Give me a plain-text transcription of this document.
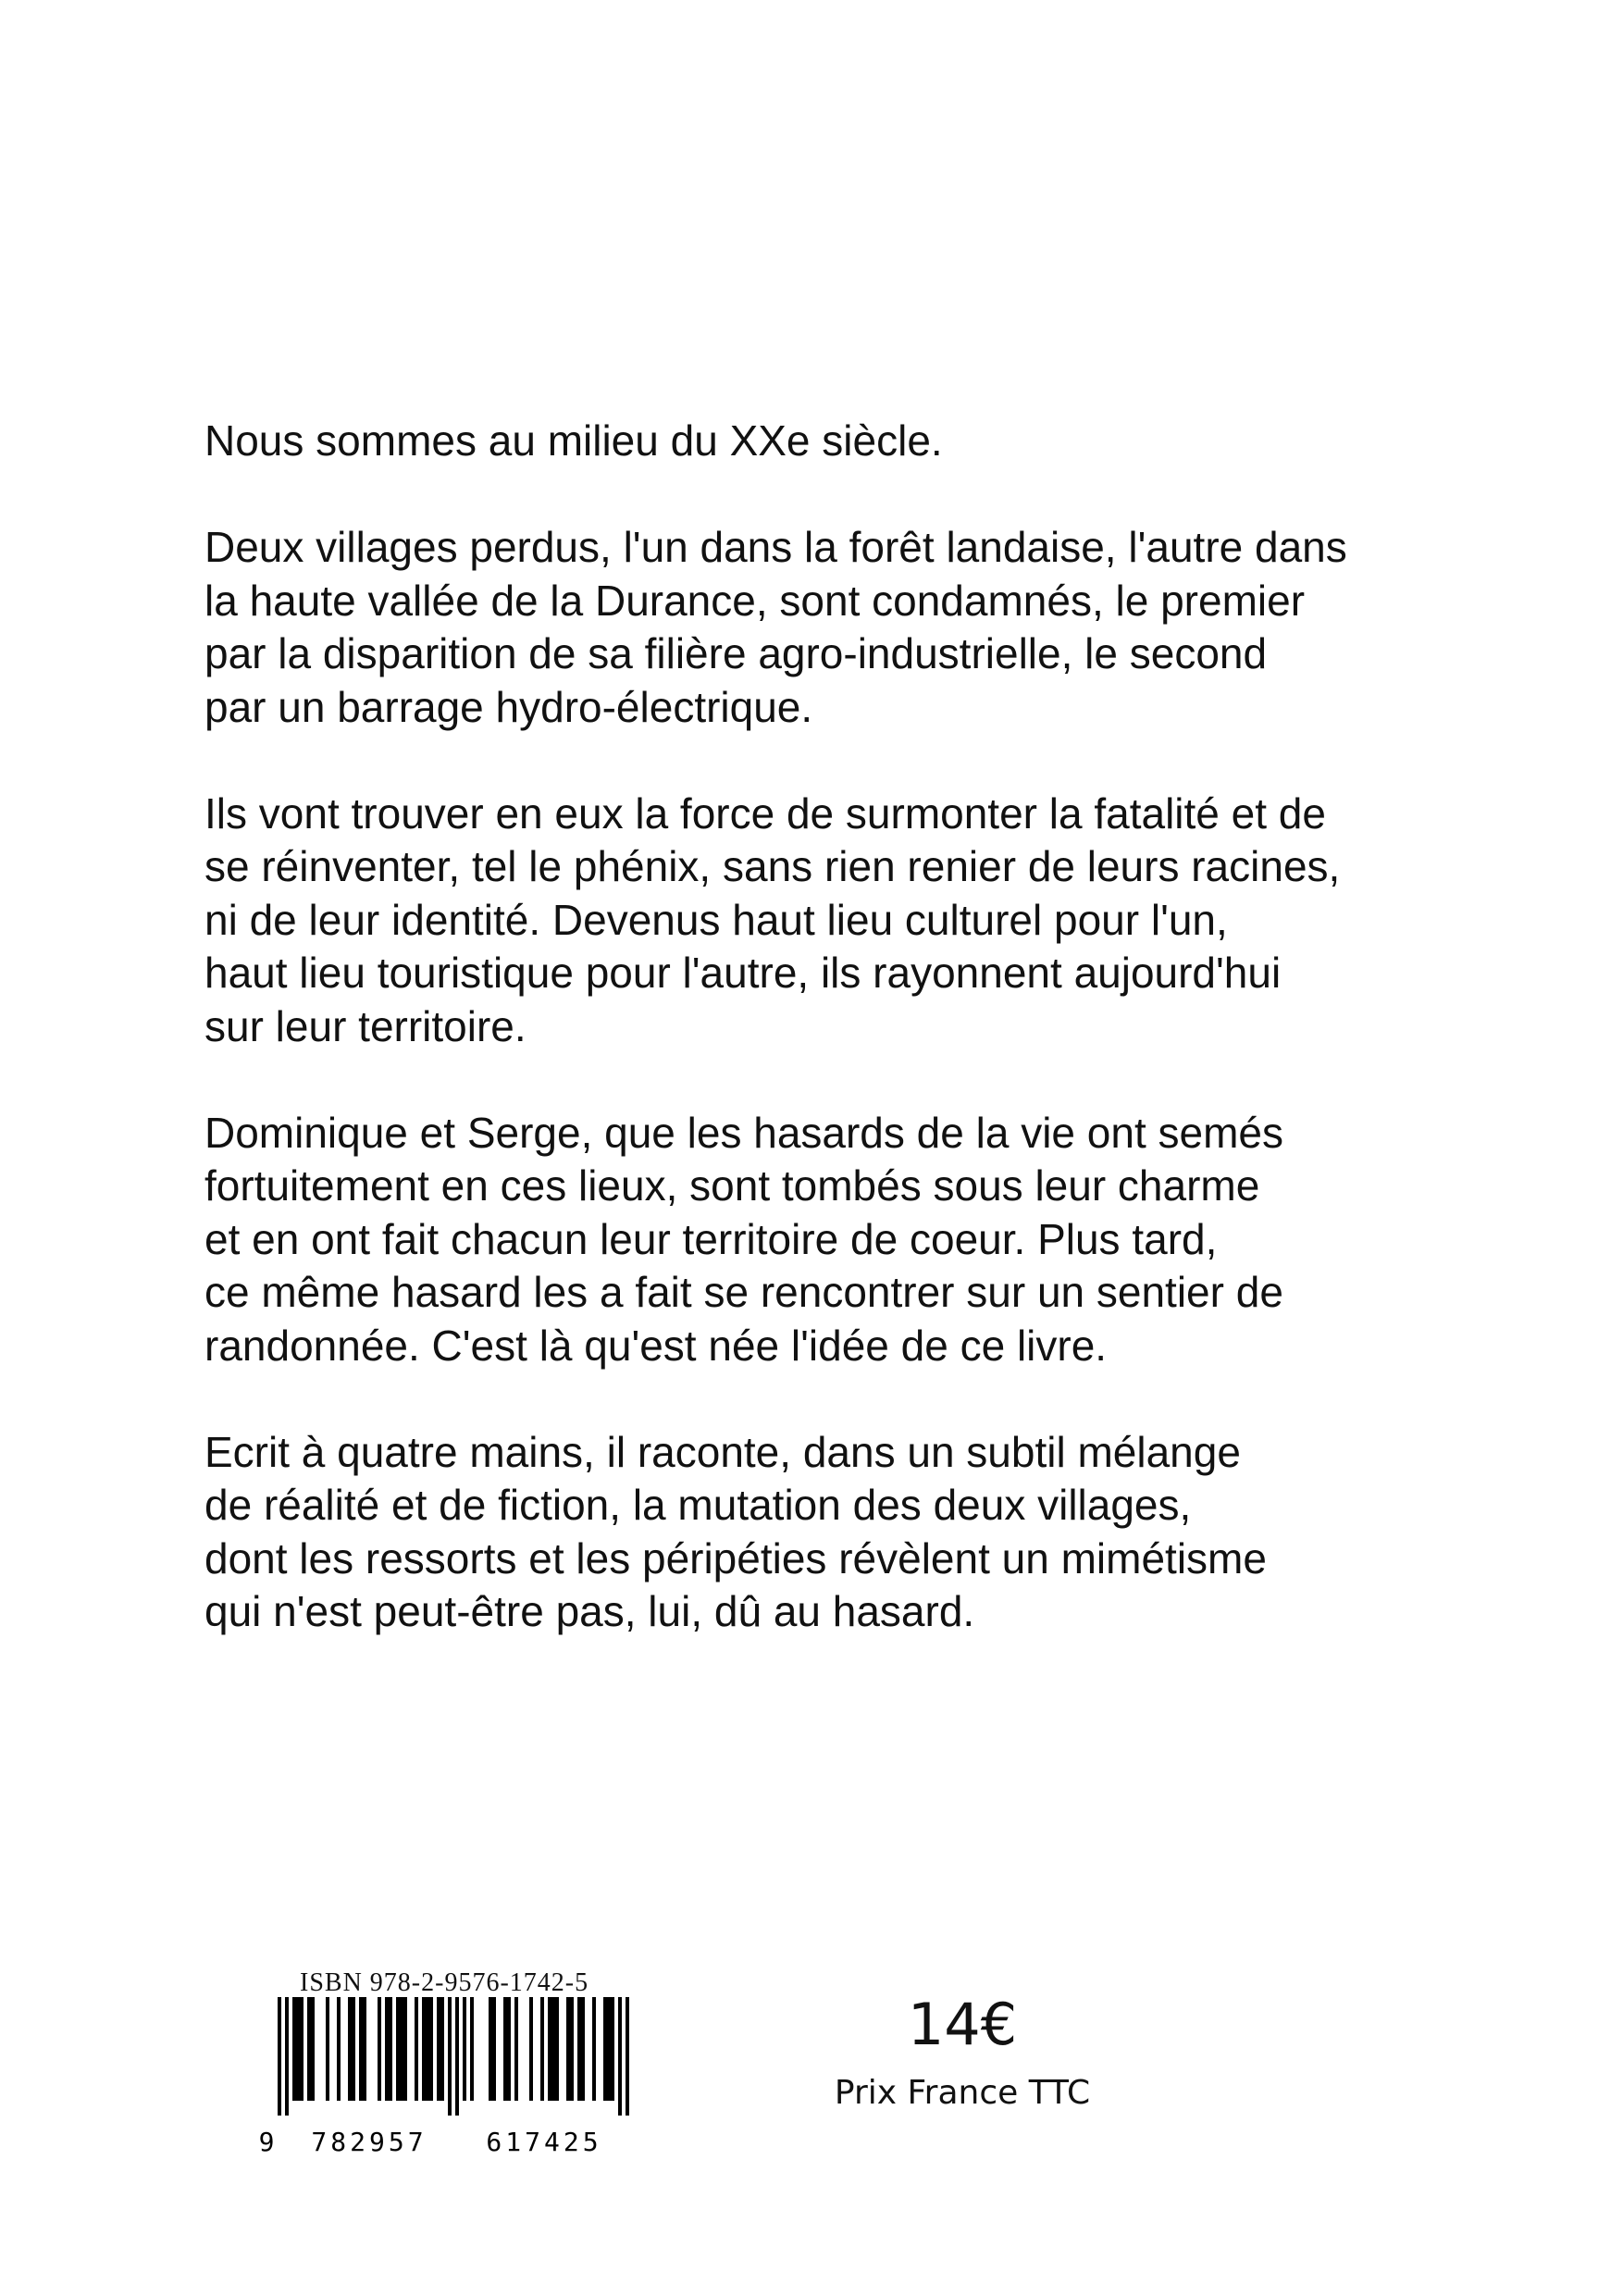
Nous sommes au milieu du XXe siècle.

Deux villages perdus, l'un dans la forêt landaise, l'autre dans
la haute vallée de la Durance, sont condamnés, le premier
par la disparition de sa filière agro-industrielle, le second
par un barrage hydro-électrique.

Ils vont trouver en eux la force de surmonter la fatalité et de
se réinventer, tel le phénix, sans rien renier de leurs racines,
ni de leur identité. Devenus haut lieu culturel pour l'un,
haut lieu touristique pour l'autre, ils rayonnent aujourd'hui
sur leur territoire.

Dominique et Serge, que les hasards de la vie ont semés
fortuitement en ces lieux, sont tombés sous leur charme
et en ont fait chacun leur territoire de coeur. Plus tard,
ce même hasard les a fait se rencontrer sur un sentier de
randonnée. C'est là qu'est née l'idée de ce livre.

Ecrit à quatre mains, il raconte, dans un subtil mélange
de réalité et de fiction, la mutation des deux villages,
dont les ressorts et les péripéties révèlent un mimétisme
qui n'est peut-être pas, lui, dû au hasard.

ISBN 978-2-9576-1742-5
9 782957 617425
14€
Prix France TTC
